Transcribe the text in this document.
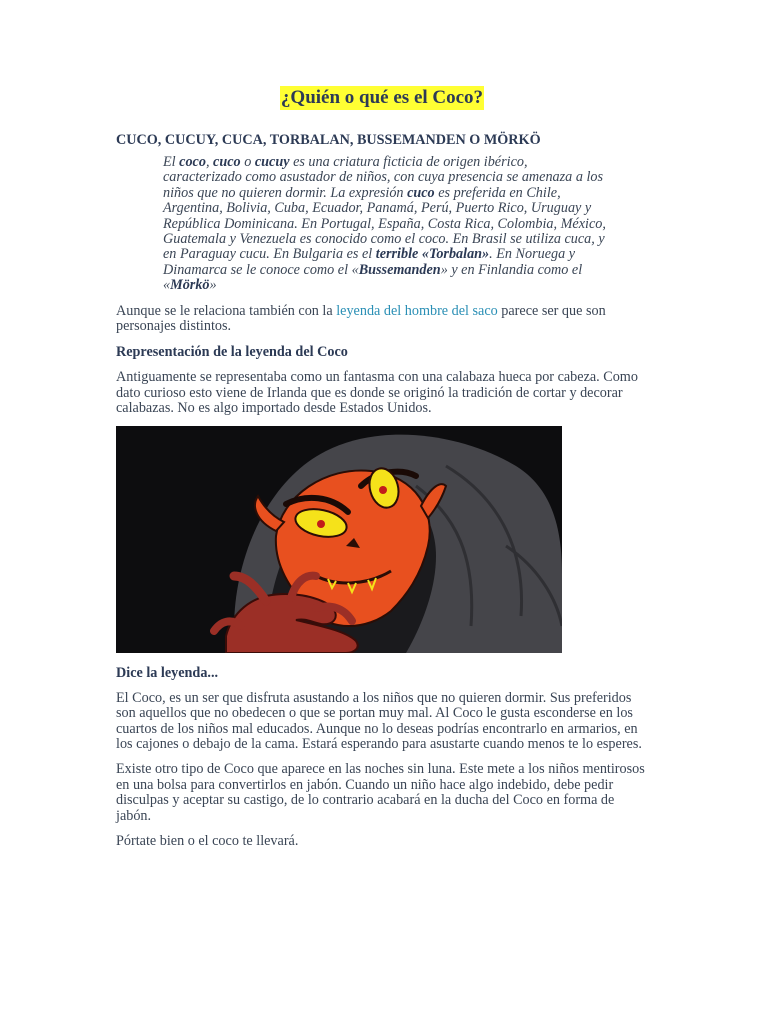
¿Quién o qué es el Coco?
CUCO, CUCUY, CUCA, TORBALAN, BUSSEMANDEN O MÖRKÖ
El coco, cuco o cucuy es una criatura ficticia de origen ibérico, caracterizado como asustador de niños, con cuya presencia se amenaza a los niños que no quieren dormir. La expresión cuco es preferida en Chile, Argentina, Bolivia, Cuba, Ecuador, Panamá, Perú, Puerto Rico, Uruguay y República Dominicana. En Portugal, España, Costa Rica, Colombia, México, Guatemala y Venezuela es conocido como el coco. En Brasil se utiliza cuca, y en Paraguay cucu. En Bulgaria es el terrible «Torbalan». En Noruega y Dinamarca se le conoce como el «Bussemanden» y en Finlandia como el «Mörkö»

Aunque se le relaciona también con la leyenda del hombre del saco parece ser que son personajes distintos.

Representación de la leyenda del Coco

Antiguamente se representaba como un fantasma con una calabaza hueca por cabeza. Como dato curioso esto viene de Irlanda que es donde se originó la tradición de cortar y decorar calabazas. No es algo importado desde Estados Unidos.

Dice la leyenda...

El Coco, es un ser que disfruta asustando a los niños que no quieren dormir. Sus preferidos son aquellos que no obedecen o que se portan muy mal. Al Coco le gusta esconderse en los cuartos de los niños mal educados. Aunque no lo deseas podrías encontrarlo en armarios, en los cajones o debajo de la cama. Estará esperando para asustarte cuando menos te lo esperes.

Existe otro tipo de Coco que aparece en las noches sin luna. Este mete a los niños mentirosos en una bolsa para convertirlos en jabón. Cuando un niño hace algo indebido, debe pedir disculpas y aceptar su castigo, de lo contrario acabará en la ducha del Coco en forma de jabón.

Pórtate bien o el coco te llevará.
